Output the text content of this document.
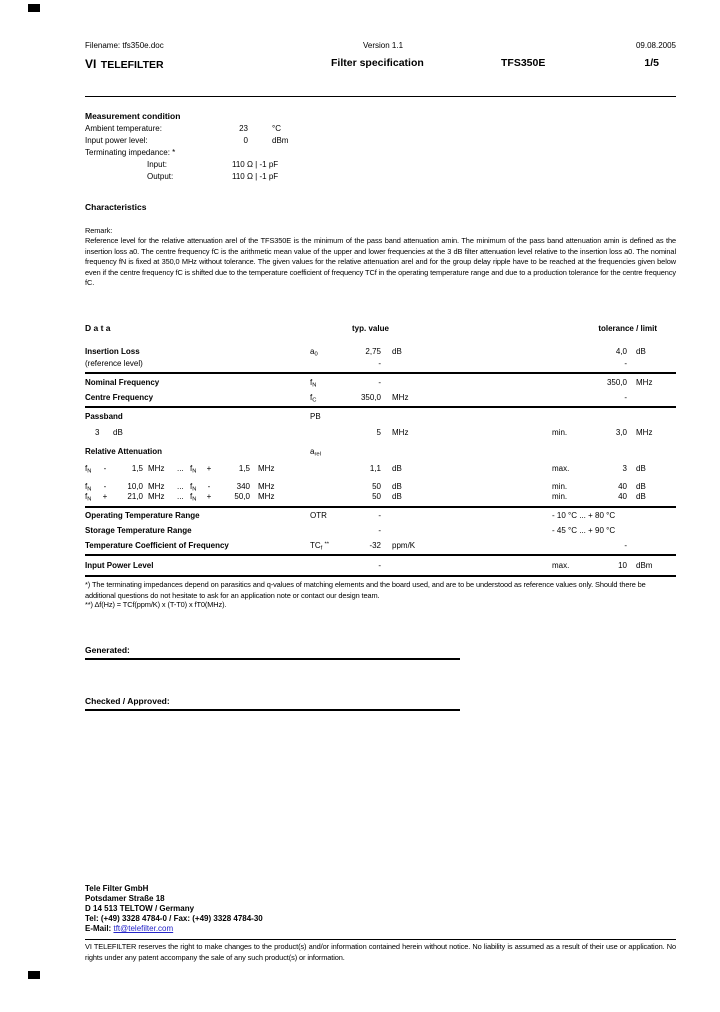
Filename: tfs350e.doc	Version 1.1	09.08.2005
VI TELEFILTER	Filter specification	TFS350E	1/5
Measurement condition
Ambient temperature:	23	°C
Input power level:	0	dBm
Terminating impedance: *
Input:	110 Ω | -1 pF
Output:	110 Ω | -1 pF
Characteristics
Remark:
Reference level for the relative attenuation arel of the TFS350E is the minimum of the pass band attenuation amin. The minimum of the pass band attenuation amin is defined as the insertion loss a0. The centre frequency fC is the arithmetic mean value of the upper and lower frequencies at the 3 dB filter attenuation level relative to the insertion loss a0. The nominal frequency fN is fixed at 350,0 MHz without tolerance. The given values for the relative attenuation arel and for the group delay ripple have to be reached at the frequencies given below even if the centre frequency fC is shifted due to the temperature coefficient of frequency TCf in the operating temperature range and due to a production tolerance for the centre frequency fC.
D a t a	typ. value	tolerance / limit
Insertion Loss	$a_0$	2,75 dB	4,0 dB
(reference level)	-	-
Nominal Frequency	$f_N$	-	350,0 MHz
Centre Frequency	$f_C$	350,0 MHz	-
Passband	PB
3 dB	5 MHz	min.	3,0 MHz
Relative Attenuation	$a_{rel}$
$f_N$	-	1,5 MHz ... $f_N$	+	1,5 MHz	1,1 dB	max.	3 dB
$f_N$	-	10,0 MHz ... $f_N$	-	340 MHz	50 dB	min.	40 dB
$f_N$	+	21,0 MHz ... $f_N$	+	50,0 MHz	50 dB	min.	40 dB
Operating Temperature Range	OTR	-	- 10 °C ... + 80 °C
Storage Temperature Range	-	- 45 °C ... + 90 °C
Temperature Coefficient of Frequency	$TC_f$ **	-32 ppm/K	-
Input Power Level	-	max.	10 dBm
*) The terminating impedances depend on parasitics and q-values of matching elements and the board used, and are to be understood as reference values only. Should there be additional questions do not hesitate to ask for an application note or contact our design team.
**) Δf(Hz) = TCf(ppm/K) x (T-T0) x fT0(MHz).
Generated:
Checked / Approved:
Tele Filter GmbH
Potsdamer Straße 18
D 14 513 TELTOW / Germany
Tel: (+49) 3328 4784-0 / Fax: (+49) 3328 4784-30
E-Mail: tft@telefilter.com
VI TELEFILTER reserves the right to make changes to the product(s) and/or information contained herein without notice. No liability is assumed as a result of their use or application. No rights under any patent accompany the sale of any such product(s) or information.
